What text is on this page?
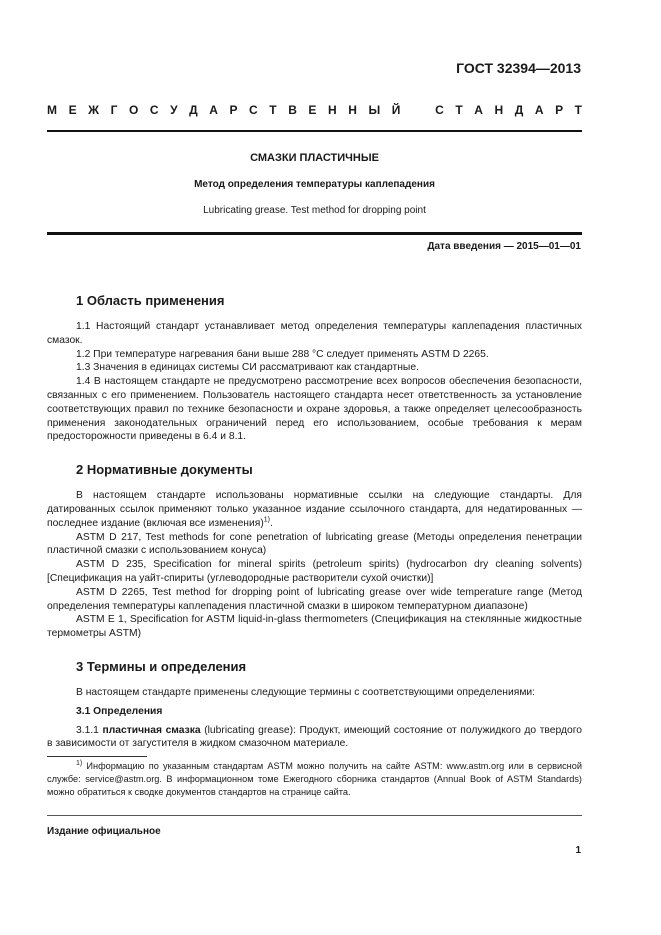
ГОСТ 32394—2013
М Е Ж Г О С У Д А Р С Т В Е Н Н Ы Й	С Т А Н Д А Р Т
СМАЗКИ ПЛАСТИЧНЫЕ
Метод определения температуры каплепадения
Lubricating grease. Test method for dropping point
Дата введения — 2015—01—01
1 Область применения

1.1 Настоящий стандарт устанавливает метод определения температуры каплепадения пластичных смазок.

1.2 При температуре нагревания бани выше 288 °С следует применять ASTM D 2265.

1.3 Значения в единицах системы СИ рассматривают как стандартные.

1.4 В настоящем стандарте не предусмотрено рассмотрение всех вопросов обеспечения безопасности, связанных с его применением. Пользователь настоящего стандарта несет ответственность за установление соответствующих правил по технике безопасности и охране здоровья, а также определяет целесообразность применения законодательных ограничений перед его использованием, особые требования к мерам предосторожности приведены в 6.4 и 8.1.

2 Нормативные документы

В настоящем стандарте использованы нормативные ссылки на следующие стандарты. Для датированных ссылок применяют только указанное издание ссылочного стандарта, для недатированных — последнее издание (включая все изменения)$^{1)}$.

ASTM D 217, Test methods for cone penetration of lubricating grease (Методы определения пенетрации пластичной смазки с использованием конуса)

ASTM D 235, Specification for mineral spirits (petroleum spirits) (hydrocarbon dry cleaning solvents) [Спецификация на уайт-спириты (углеводородные растворители сухой очистки)]

ASTM D 2265, Test method for dropping point of lubricating grease over wide temperature range (Метод определения температуры каплепадения пластичной смазки в широком температурном диапазоне)

ASTM E 1, Specification for ASTM liquid-in-glass thermometers (Спецификация на стеклянные жидкостные термометры ASTM)

3 Термины и определения

В настоящем стандарте применены следующие термины с соответствующими определениями:

3.1 Определения

3.1.1 пластичная смазка (lubricating grease): Продукт, имеющий состояние от полужидкого до твердого в зависимости от загустителя в жидком смазочном материале.

$^{1)}$ Информацию по указанным стандартам ASTM можно получить на сайте ASTM: www.astm.org или в сервисной службе: service@astm.org. В информационном томе Ежегодного сборника стандартов (Annual Book of ASTM Standards) можно обратиться к сводке документов стандартов на странице сайта.

Издание официальное
1
